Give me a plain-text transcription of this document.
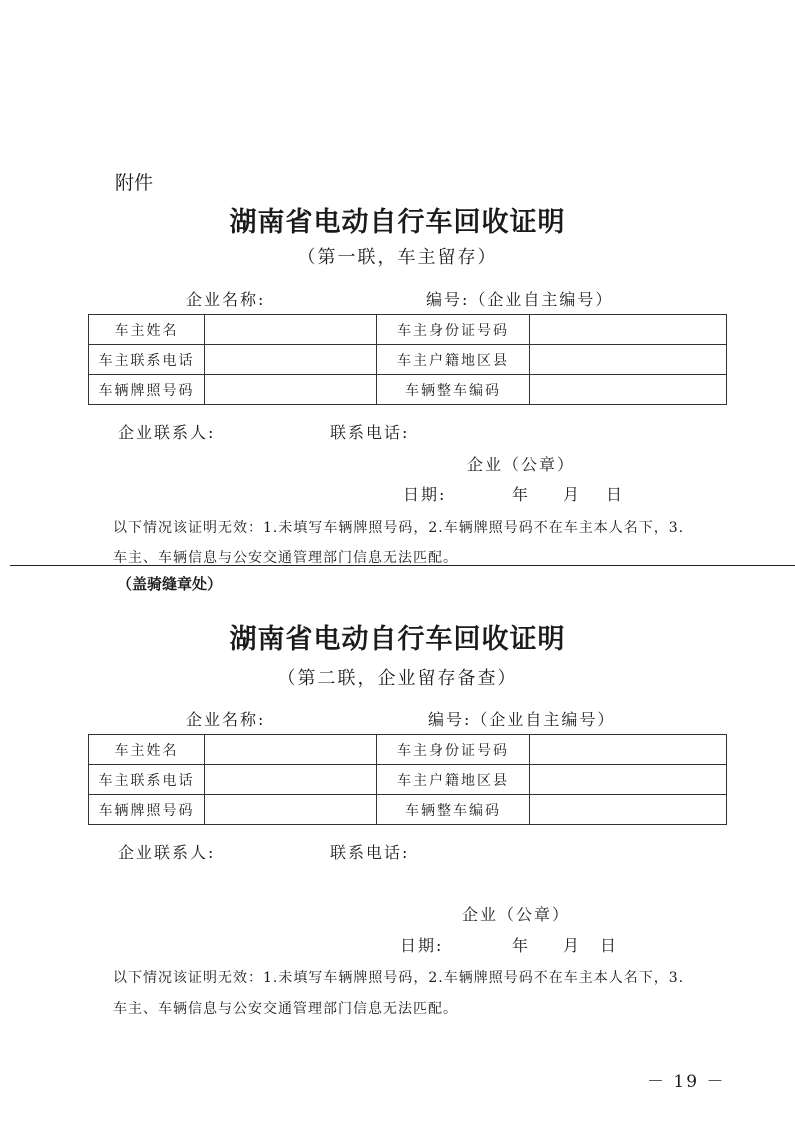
附件
湖南省电动自行车回收证明
（第一联，车主留存）
企业名称:	编号:（企业自主编号）
车主姓名		车主身份证号码	
车主联系电话		车主户籍地区县	
车辆牌照号码		车辆整车编码	
企业联系人:	联系电话:
企业（公章）
日期:	年 月 日
以下情况该证明无效：1.未填写车辆牌照号码，2.车辆牌照号码不在车主本人名下，3.
车主、车辆信息与公安交通管理部门信息无法匹配。
（盖骑缝章处）
湖南省电动自行车回收证明
（第二联，企业留存备查）
企业名称:	编号:（企业自主编号）
车主姓名		车主身份证号码	
车主联系电话		车主户籍地区县	
车辆牌照号码		车辆整车编码	
企业联系人:	联系电话:
企业（公章）
日期:	年 月 日
以下情况该证明无效：1.未填写车辆牌照号码，2.车辆牌照号码不在车主本人名下，3.
车主、车辆信息与公安交通管理部门信息无法匹配。
－ 19 －
